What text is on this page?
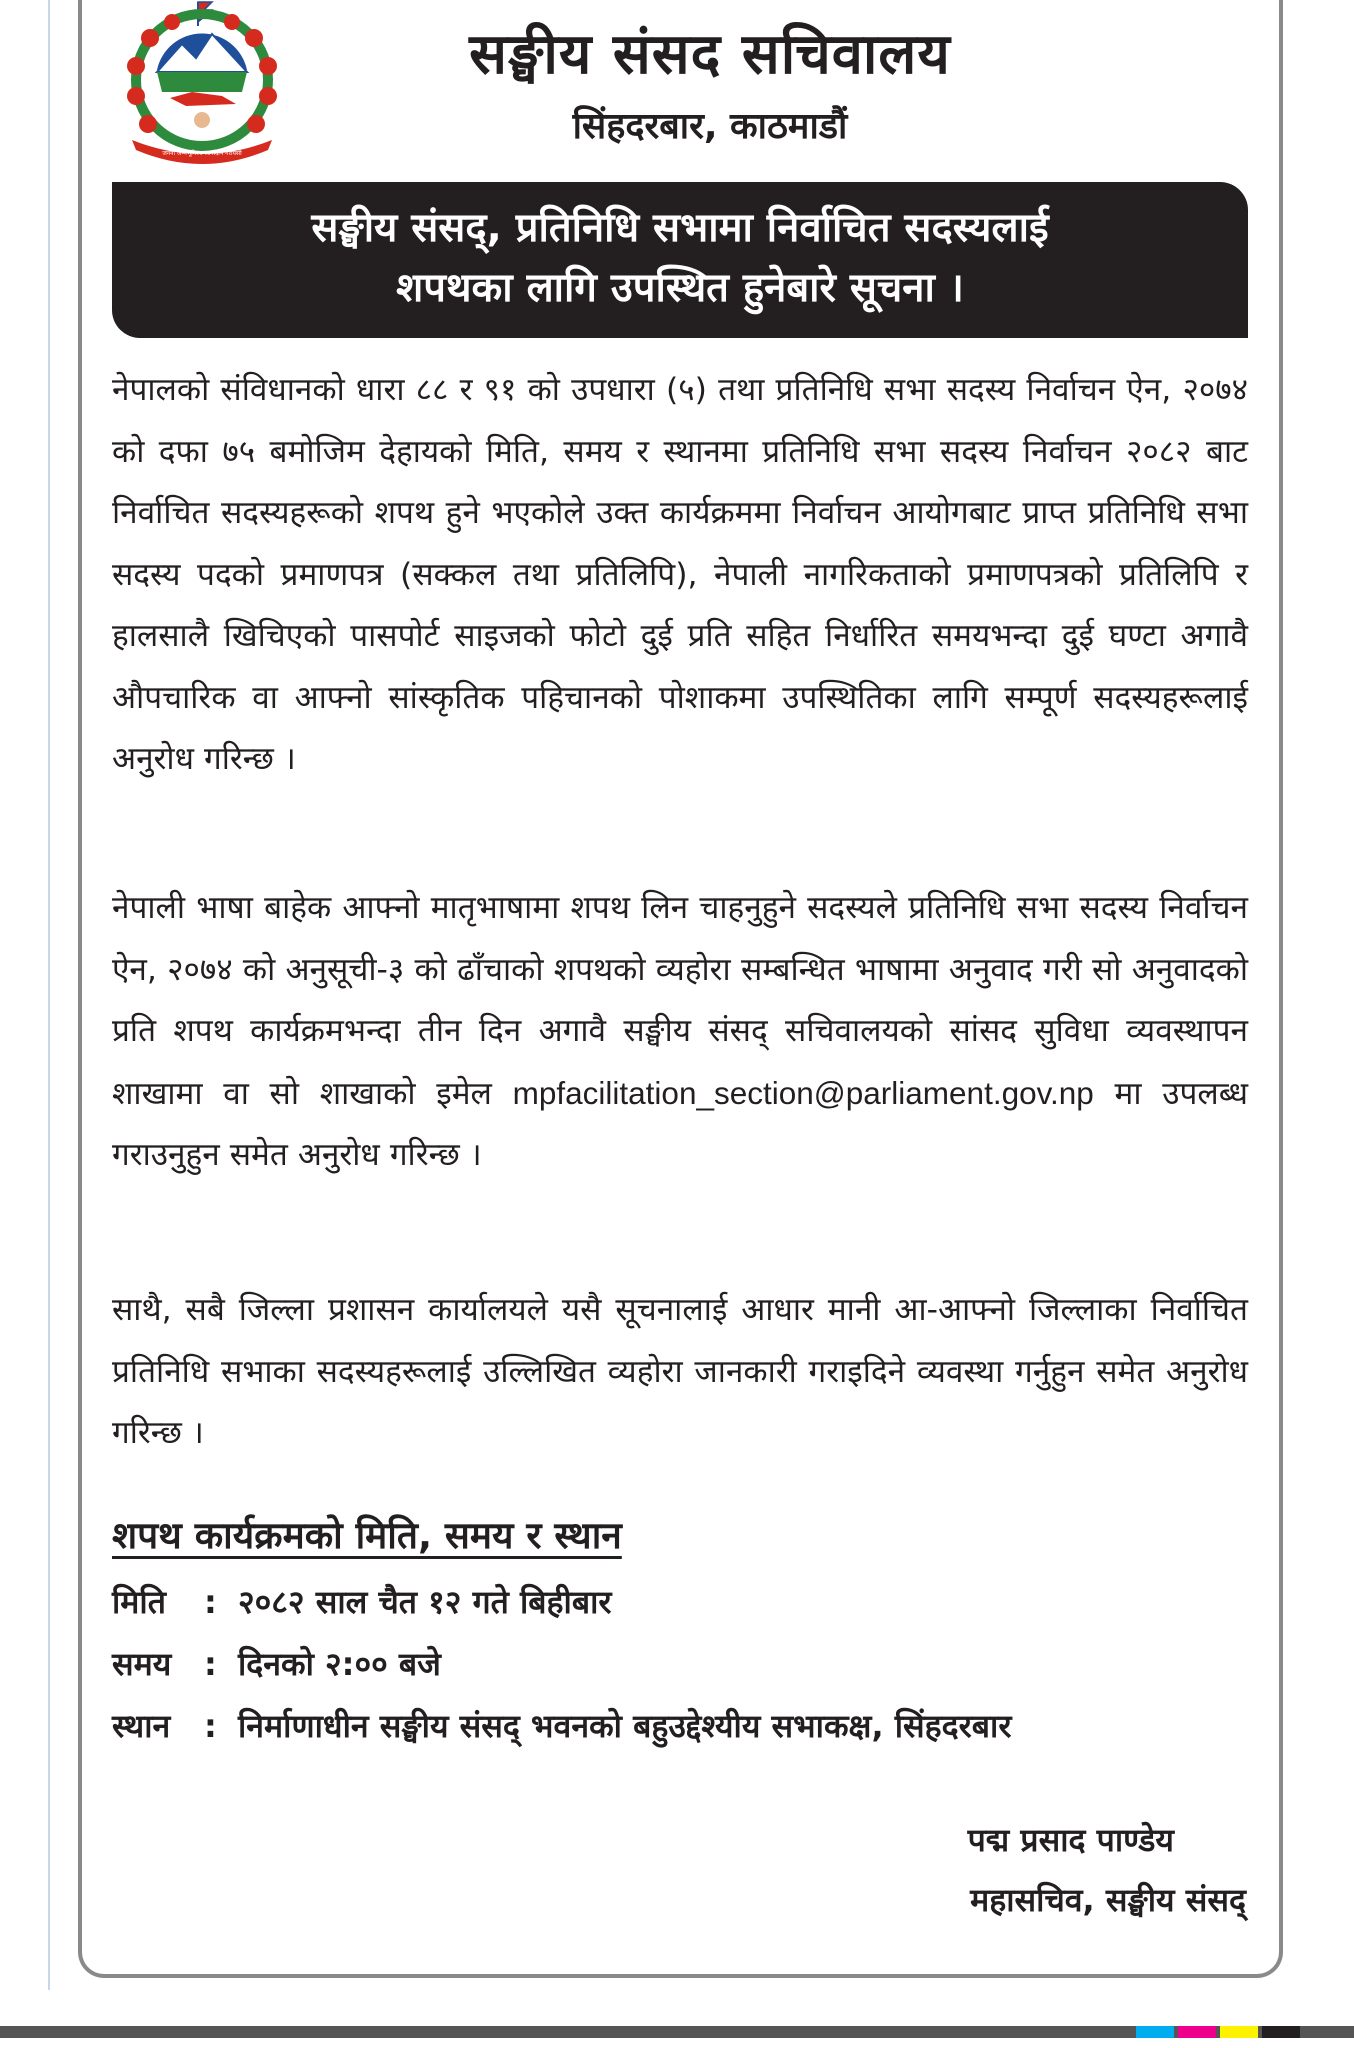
जननी जन्मभूमिश्च स्वर्गादपि गरीयसी
सङ्घीय संसद सचिवालय
सिंहदरबार, काठमाडौं
सङ्घीय संसद्, प्रतिनिधि सभामा निर्वाचित सदस्यलाई
शपथका लागि उपस्थित हुनेबारे सूचना ।

नेपालको संविधानको धारा ८८ र ९१ को उपधारा (५) तथा प्रतिनिधि सभा सदस्य निर्वाचन ऐन, २०७४ को दफा ७५ बमोजिम देहायको मिति, समय र स्थानमा प्रतिनिधि सभा सदस्य निर्वाचन २०८२ बाट निर्वाचित सदस्यहरूको शपथ हुने भएकोले उक्त कार्यक्रममा निर्वाचन आयोगबाट प्राप्त प्रतिनिधि सभा सदस्य पदको प्रमाणपत्र (सक्कल तथा प्रतिलिपि), नेपाली नागरिकताको प्रमाणपत्रको प्रतिलिपि र हालसालै खिचिएको पासपोर्ट साइजको फोटो दुई प्रति सहित निर्धारित समयभन्दा दुई घण्टा अगावै औपचारिक वा आफ्नो सांस्कृतिक पहिचानको पोशाकमा उपस्थितिका लागि सम्पूर्ण सदस्यहरूलाई अनुरोध गरिन्छ ।

नेपाली भाषा बाहेक आफ्नो मातृभाषामा शपथ लिन चाहनुहुने सदस्यले प्रतिनिधि सभा सदस्य निर्वाचन ऐन, २०७४ को अनुसूची-३ को ढाँचाको शपथको व्यहोरा सम्बन्धित भाषामा अनुवाद गरी सो अनुवादको प्रति शपथ कार्यक्रमभन्दा तीन दिन अगावै सङ्घीय संसद् सचिवालयको सांसद सुविधा व्यवस्थापन शाखामा वा सो शाखाको इमेल mpfacilitation_section@parliament.gov.np मा उपलब्ध गराउनुहुन समेत अनुरोध गरिन्छ ।

साथै, सबै जिल्ला प्रशासन कार्यालयले यसै सूचनालाई आधार मानी आ-आफ्नो जिल्लाका निर्वाचित प्रतिनिधि सभाका सदस्यहरूलाई उल्लिखित व्यहोरा जानकारी गराइदिने व्यवस्था गर्नुहुन समेत अनुरोध गरिन्छ ।

शपथ कार्यक्रमको मिति, समय र स्थान
मिति : २०८२ साल चैत १२ गते बिहीबार
समय : दिनको २:०० बजे
स्थान : निर्माणाधीन सङ्घीय संसद् भवनको बहुउद्देश्यीय सभाकक्ष, सिंहदरबार
पद्म प्रसाद पाण्डेय
महासचिव, सङ्घीय संसद्
